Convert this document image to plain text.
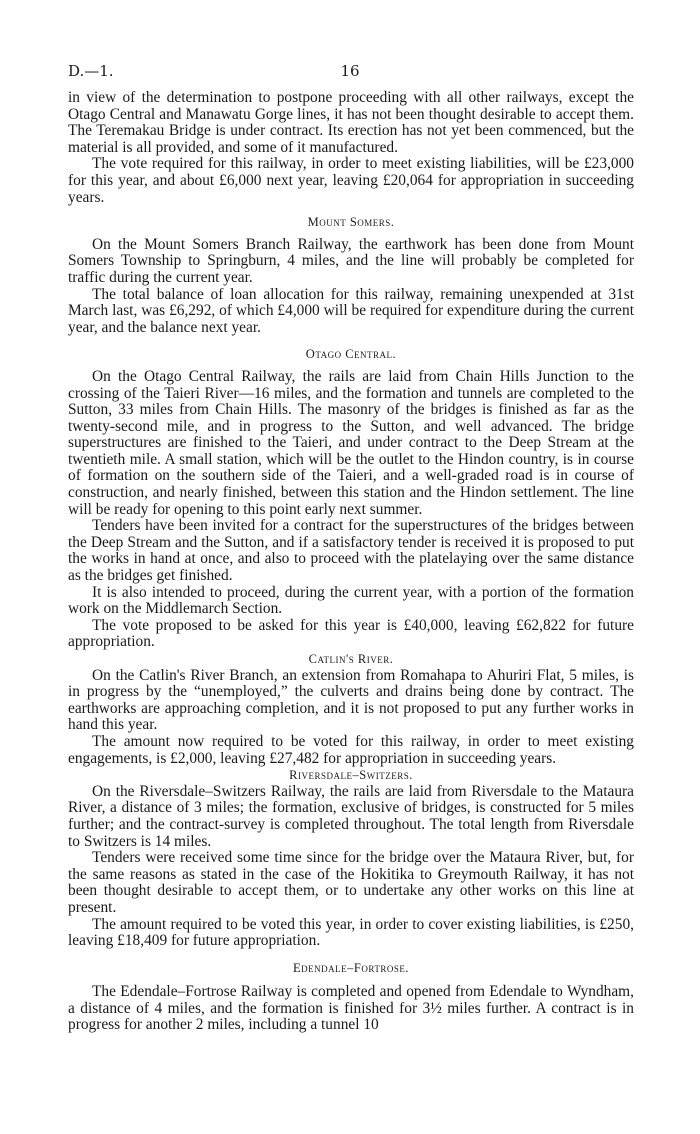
D.—1.	16

in view of the determination to postpone proceeding with all other railways, except the Otago Central and Manawatu Gorge lines, it has not been thought desirable to accept them. The Teremakau Bridge is under contract. Its erection has not yet been commenced, but the material is all provided, and some of it manufactured.

The vote required for this railway, in order to meet existing liabilities, will be £23,000 for this year, and about £6,000 next year, leaving £20,064 for appropriation in succeeding years.

Mount Somers.

On the Mount Somers Branch Railway, the earthwork has been done from Mount Somers Township to Springburn, 4 miles, and the line will probably be completed for traffic during the current year.

The total balance of loan allocation for this railway, remaining unexpended at 31st March last, was £6,292, of which £4,000 will be required for expenditure during the current year, and the balance next year.

Otago Central.

On the Otago Central Railway, the rails are laid from Chain Hills Junction to the crossing of the Taieri River—16 miles, and the formation and tunnels are completed to the Sutton, 33 miles from Chain Hills. The masonry of the bridges is finished as far as the twenty-second mile, and in progress to the Sutton, and well advanced. The bridge superstructures are finished to the Taieri, and under contract to the Deep Stream at the twentieth mile. A small station, which will be the outlet to the Hindon country, is in course of formation on the southern side of the Taieri, and a well-graded road is in course of construction, and nearly finished, between this station and the Hindon settlement. The line will be ready for opening to this point early next summer.

Tenders have been invited for a contract for the superstructures of the bridges between the Deep Stream and the Sutton, and if a satisfactory tender is received it is proposed to put the works in hand at once, and also to proceed with the platelaying over the same distance as the bridges get finished.

It is also intended to proceed, during the current year, with a portion of the formation work on the Middlemarch Section.

The vote proposed to be asked for this year is £40,000, leaving £62,822 for future appropriation.

Catlin's River.

On the Catlin's River Branch, an extension from Romahapa to Ahuriri Flat, 5 miles, is in progress by the “unemployed,” the culverts and drains being done by contract. The earthworks are approaching completion, and it is not proposed to put any further works in hand this year.

The amount now required to be voted for this railway, in order to meet existing engagements, is £2,000, leaving £27,482 for appropriation in succeeding years.

Riversdale–Switzers.

On the Riversdale–Switzers Railway, the rails are laid from Riversdale to the Mataura River, a distance of 3 miles; the formation, exclusive of bridges, is constructed for 5 miles further; and the contract-survey is completed throughout. The total length from Riversdale to Switzers is 14 miles.

Tenders were received some time since for the bridge over the Mataura River, but, for the same reasons as stated in the case of the Hokitika to Greymouth Railway, it has not been thought desirable to accept them, or to undertake any other works on this line at present.

The amount required to be voted this year, in order to cover existing liabilities, is £250, leaving £18,409 for future appropriation.

Edendale–Fortrose.

The Edendale–Fortrose Railway is completed and opened from Edendale to Wyndham, a distance of 4 miles, and the formation is finished for 3½ miles further. A contract is in progress for another 2 miles, including a tunnel 10
